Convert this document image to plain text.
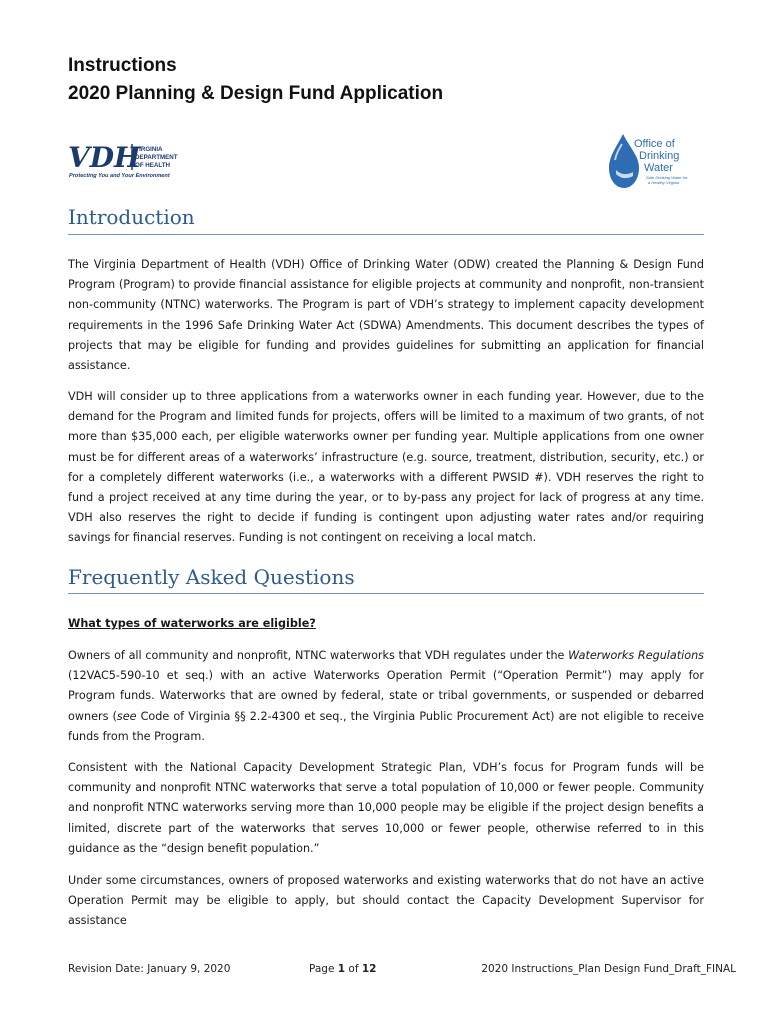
Instructions
2020 Planning & Design Fund Application
VDH
VIRGINIA
DEPARTMENT
OF HEALTH
Protecting You and Your Environment
Office of
Drinking
Water
Safe Drinking Water for
a Healthy Virginia
Introduction
The Virginia Department of Health (VDH) Office of Drinking Water (ODW) created the Planning & Design Fund Program (Program) to provide financial assistance for eligible projects at community and nonprofit, non-transient non-community (NTNC) waterworks. The Program is part of VDH’s strategy to implement capacity development requirements in the 1996 Safe Drinking Water Act (SDWA) Amendments. This document describes the types of projects that may be eligible for funding and provides guidelines for submitting an application for financial assistance.
VDH will consider up to three applications from a waterworks owner in each funding year. However, due to the demand for the Program and limited funds for projects, offers will be limited to a maximum of two grants, of not more than $35,000 each, per eligible waterworks owner per funding year. Multiple applications from one owner must be for different areas of a waterworks’ infrastructure (e.g. source, treatment, distribution, security, etc.) or for a completely different waterworks (i.e., a waterworks with a different PWSID #). VDH reserves the right to fund a project received at any time during the year, or to by-pass any project for lack of progress at any time. VDH also reserves the right to decide if funding is contingent upon adjusting water rates and/or requiring savings for financial reserves. Funding is not contingent on receiving a local match.
Frequently Asked Questions
What types of waterworks are eligible?
Owners of all community and nonprofit, NTNC waterworks that VDH regulates under the Waterworks Regulations (12VAC5-590-10 et seq.) with an active Waterworks Operation Permit (“Operation Permit”) may apply for Program funds. Waterworks that are owned by federal, state or tribal governments, or suspended or debarred owners (see Code of Virginia §§ 2.2-4300 et seq., the Virginia Public Procurement Act) are not eligible to receive funds from the Program.
Consistent with the National Capacity Development Strategic Plan, VDH’s focus for Program funds will be community and nonprofit NTNC waterworks that serve a total population of 10,000 or fewer people. Community and nonprofit NTNC waterworks serving more than 10,000 people may be eligible if the project design benefits a limited, discrete part of the waterworks that serves 10,000 or fewer people, otherwise referred to in this guidance as the “design benefit population.”
Under some circumstances, owners of proposed waterworks and existing waterworks that do not have an active Operation Permit may be eligible to apply, but should contact the Capacity Development Supervisor for assistance
Revision Date: January 9, 2020	Page 1 of 12	2020 Instructions_Plan Design Fund_Draft_FINAL
